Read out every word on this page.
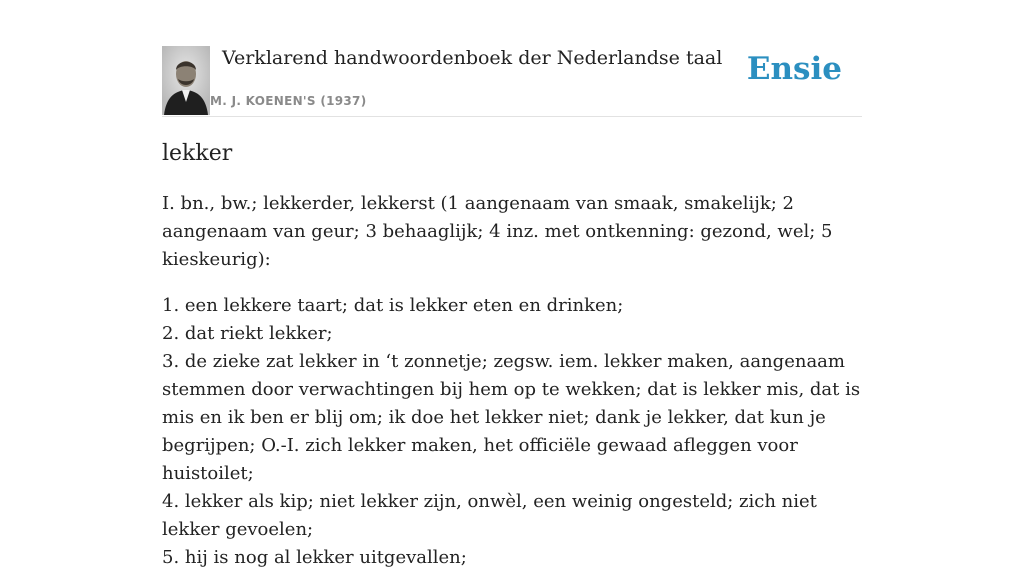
Verklarend handwoordenboek der Nederlandse taal
M. J. KOENEN'S (1937)
Ensie
lekker

I. bn., bw.; lekkerder, lekkerst (1 aangenaam van smaak, smakelijk; 2 aangenaam van geur; 3 behaaglijk; 4 inz. met ontkenning: gezond, wel; 5 kieskeurig):

1. een lekkere taart; dat is lekker eten en drinken;

2. dat riekt lekker;

3. de zieke zat lekker in ‘t zonnetje; zegsw. iem. lekker maken, aangenaam stemmen door verwachtingen bij hem op te wekken; dat is lekker mis, dat is mis en ik ben er blij om; ik doe het lekker niet; dank je lekker, dat kun je begrijpen; O.-I. zich lekker maken, het officiële gewaad afleggen voor huistoilet;

4. lekker als kip; niet lekker zijn, onwèl, een weinig ongesteld; zich niet lekker gevoelen;

5. hij is nog al lekker uitgevallen;
